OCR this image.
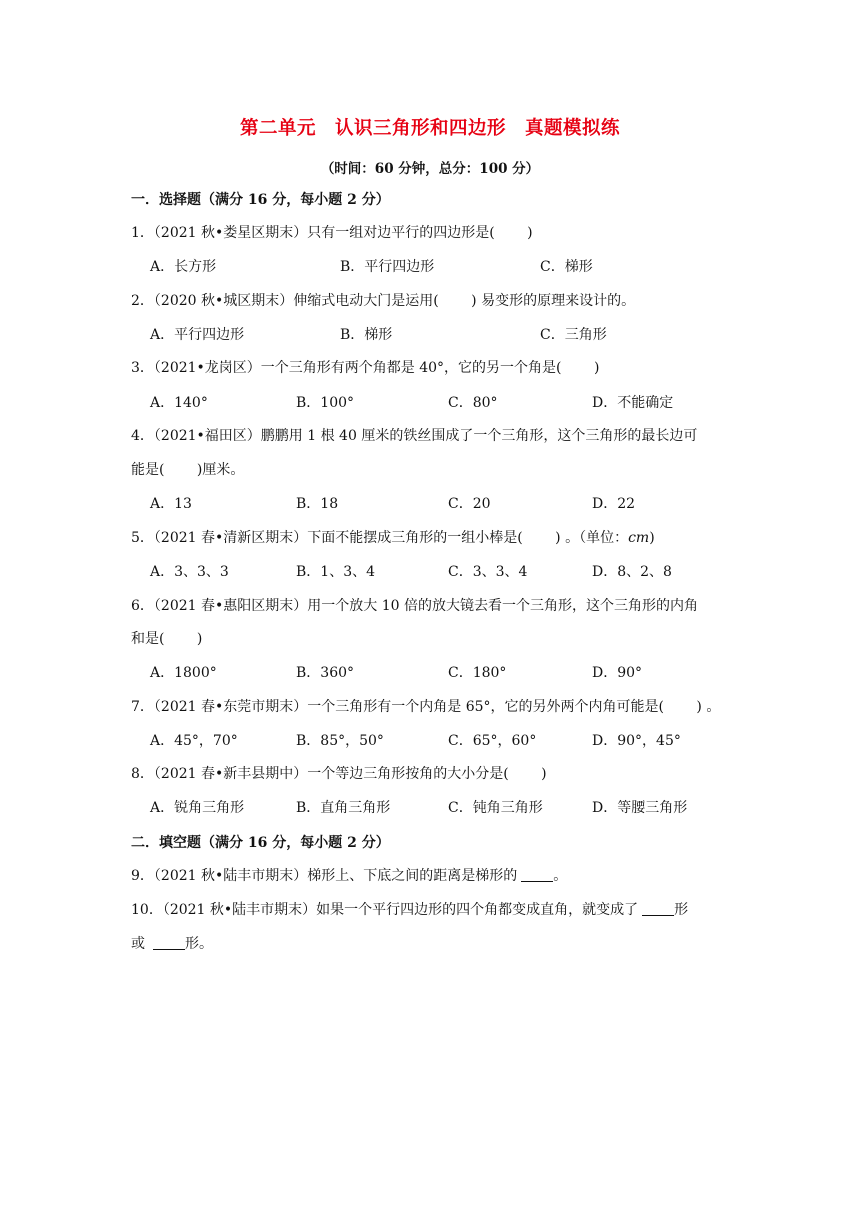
第二单元　认识三角形和四边形　真题模拟练
（时间：60 分钟，总分：100 分）
一．选择题（满分 16 分，每小题 2 分）
1．（2021 秋•娄星区期末）只有一组对边平行的四边形是(　　 )
A．长方形	B．平行四边形	C．梯形
2．（2020 秋•城区期末）伸缩式电动大门是运用(　　 ) 易变形的原理来设计的。
A．平行四边形	B．梯形	C．三角形
3．（2021•龙岗区）一个三角形有两个角都是 40°，它的另一个角是(　　 )
A．140°	B．100°	C．80°	D．不能确定
4．（2021•福田区）鹏鹏用 1 根 40 厘米的铁丝围成了一个三角形，这个三角形的最长边可
能是(　　 )厘米。
A．13	B．18	C．20	D．22
5．（2021 春•清新区期末）下面不能摆成三角形的一组小棒是(　　 ) 。（单位：cm)
A．3、3、3	B．1、3、4	C．3、3、4	D．8、2、8
6．（2021 春•惠阳区期末）用一个放大 10 倍的放大镜去看一个三角形，这个三角形的内角
和是(　　 )
A．1800°	B．360°	C．180°	D．90°
7．（2021 春•东莞市期末）一个三角形有一个内角是 65°，它的另外两个内角可能是(　　 ) 。
A．45°，70°	B．85°，50°	C．65°，60°	D．90°，45°
8．（2021 春•新丰县期中）一个等边三角形按角的大小分是(　　 )
A．锐角三角形	B．直角三角形	C．钝角三角形	D．等腰三角形
二．填空题（满分 16 分，每小题 2 分）
9．（2021 秋•陆丰市期末）梯形上、下底之间的距离是梯形的	。
10．（2021 秋•陆丰市期末）如果一个平行四边形的四个角都变成直角，就变成了	形
或	形。
